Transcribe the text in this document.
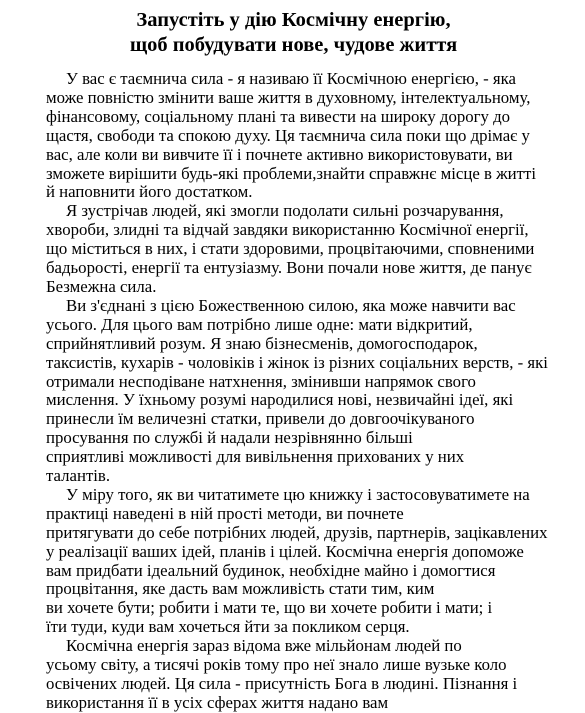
Запустіть у дію Космічну енергію,
щоб побудувати нове, чудове життя
У вас є таємнича сила - я називаю її Космічною енергією, - яка
може повністю змінити ваше життя в духовному, інтелектуальному,
фінансовому, соціальному плані та вивести на широку дорогу до
щастя, свободи та спокою духу. Ця таємнича сила поки що дрімає у
вас, але коли ви вивчите її і почнете активно використовувати, ви
зможете вирішити будь-які проблеми,знайти справжнє місце в житті
й наповнити його достатком.
Я зустрічав людей, які змогли подолати сильні розчарування,
хвороби, злидні та відчай завдяки використанню Космічної енергії,
що міститься в них, і стати здоровими, процвітаючими, сповненими
бадьорості, енергії та ентузіазму. Вони почали нове життя, де панує
Безмежна сила.
Ви з'єднані з цією Божественною силою, яка може навчити вас
усього. Для цього вам потрібно лише одне: мати відкритий,
сприйнятливий розум. Я знаю бізнесменів, домогосподарок,
таксистів, кухарів - чоловіків і жінок із різних соціальних верств, - які
отримали несподіване натхнення, змінивши напрямок свого
мислення. У їхньому розумі народилися нові, незвичайні ідеї, які
принесли їм величезні статки, привели до довгоочікуваного
просування по службі й надали незрівнянно більші
сприятливі можливості для вивільнення прихованих у них
талантів.
У міру того, як ви читатимете цю книжку і застосовуватимете на
практиці наведені в ній прості методи, ви почнете
притягувати до себе потрібних людей, друзів, партнерів, зацікавлених
у реалізації ваших ідей, планів і цілей. Космічна енергія допоможе
вам придбати ідеальний будинок, необхідне майно і домогтися
процвітання, яке дасть вам можливість стати тим, ким
ви хочете бути; робити і мати те, що ви хочете робити і мати; і
їти туди, куди вам хочеться йти за покликом серця.
Космічна енергія зараз відома вже мільйонам людей по
усьому світу, а тисячі років тому про неї знало лише вузьке коло
освічених людей. Ця сила - присутність Бога в людині. Пізнання і
використання її в усіх сферах життя надано вам
